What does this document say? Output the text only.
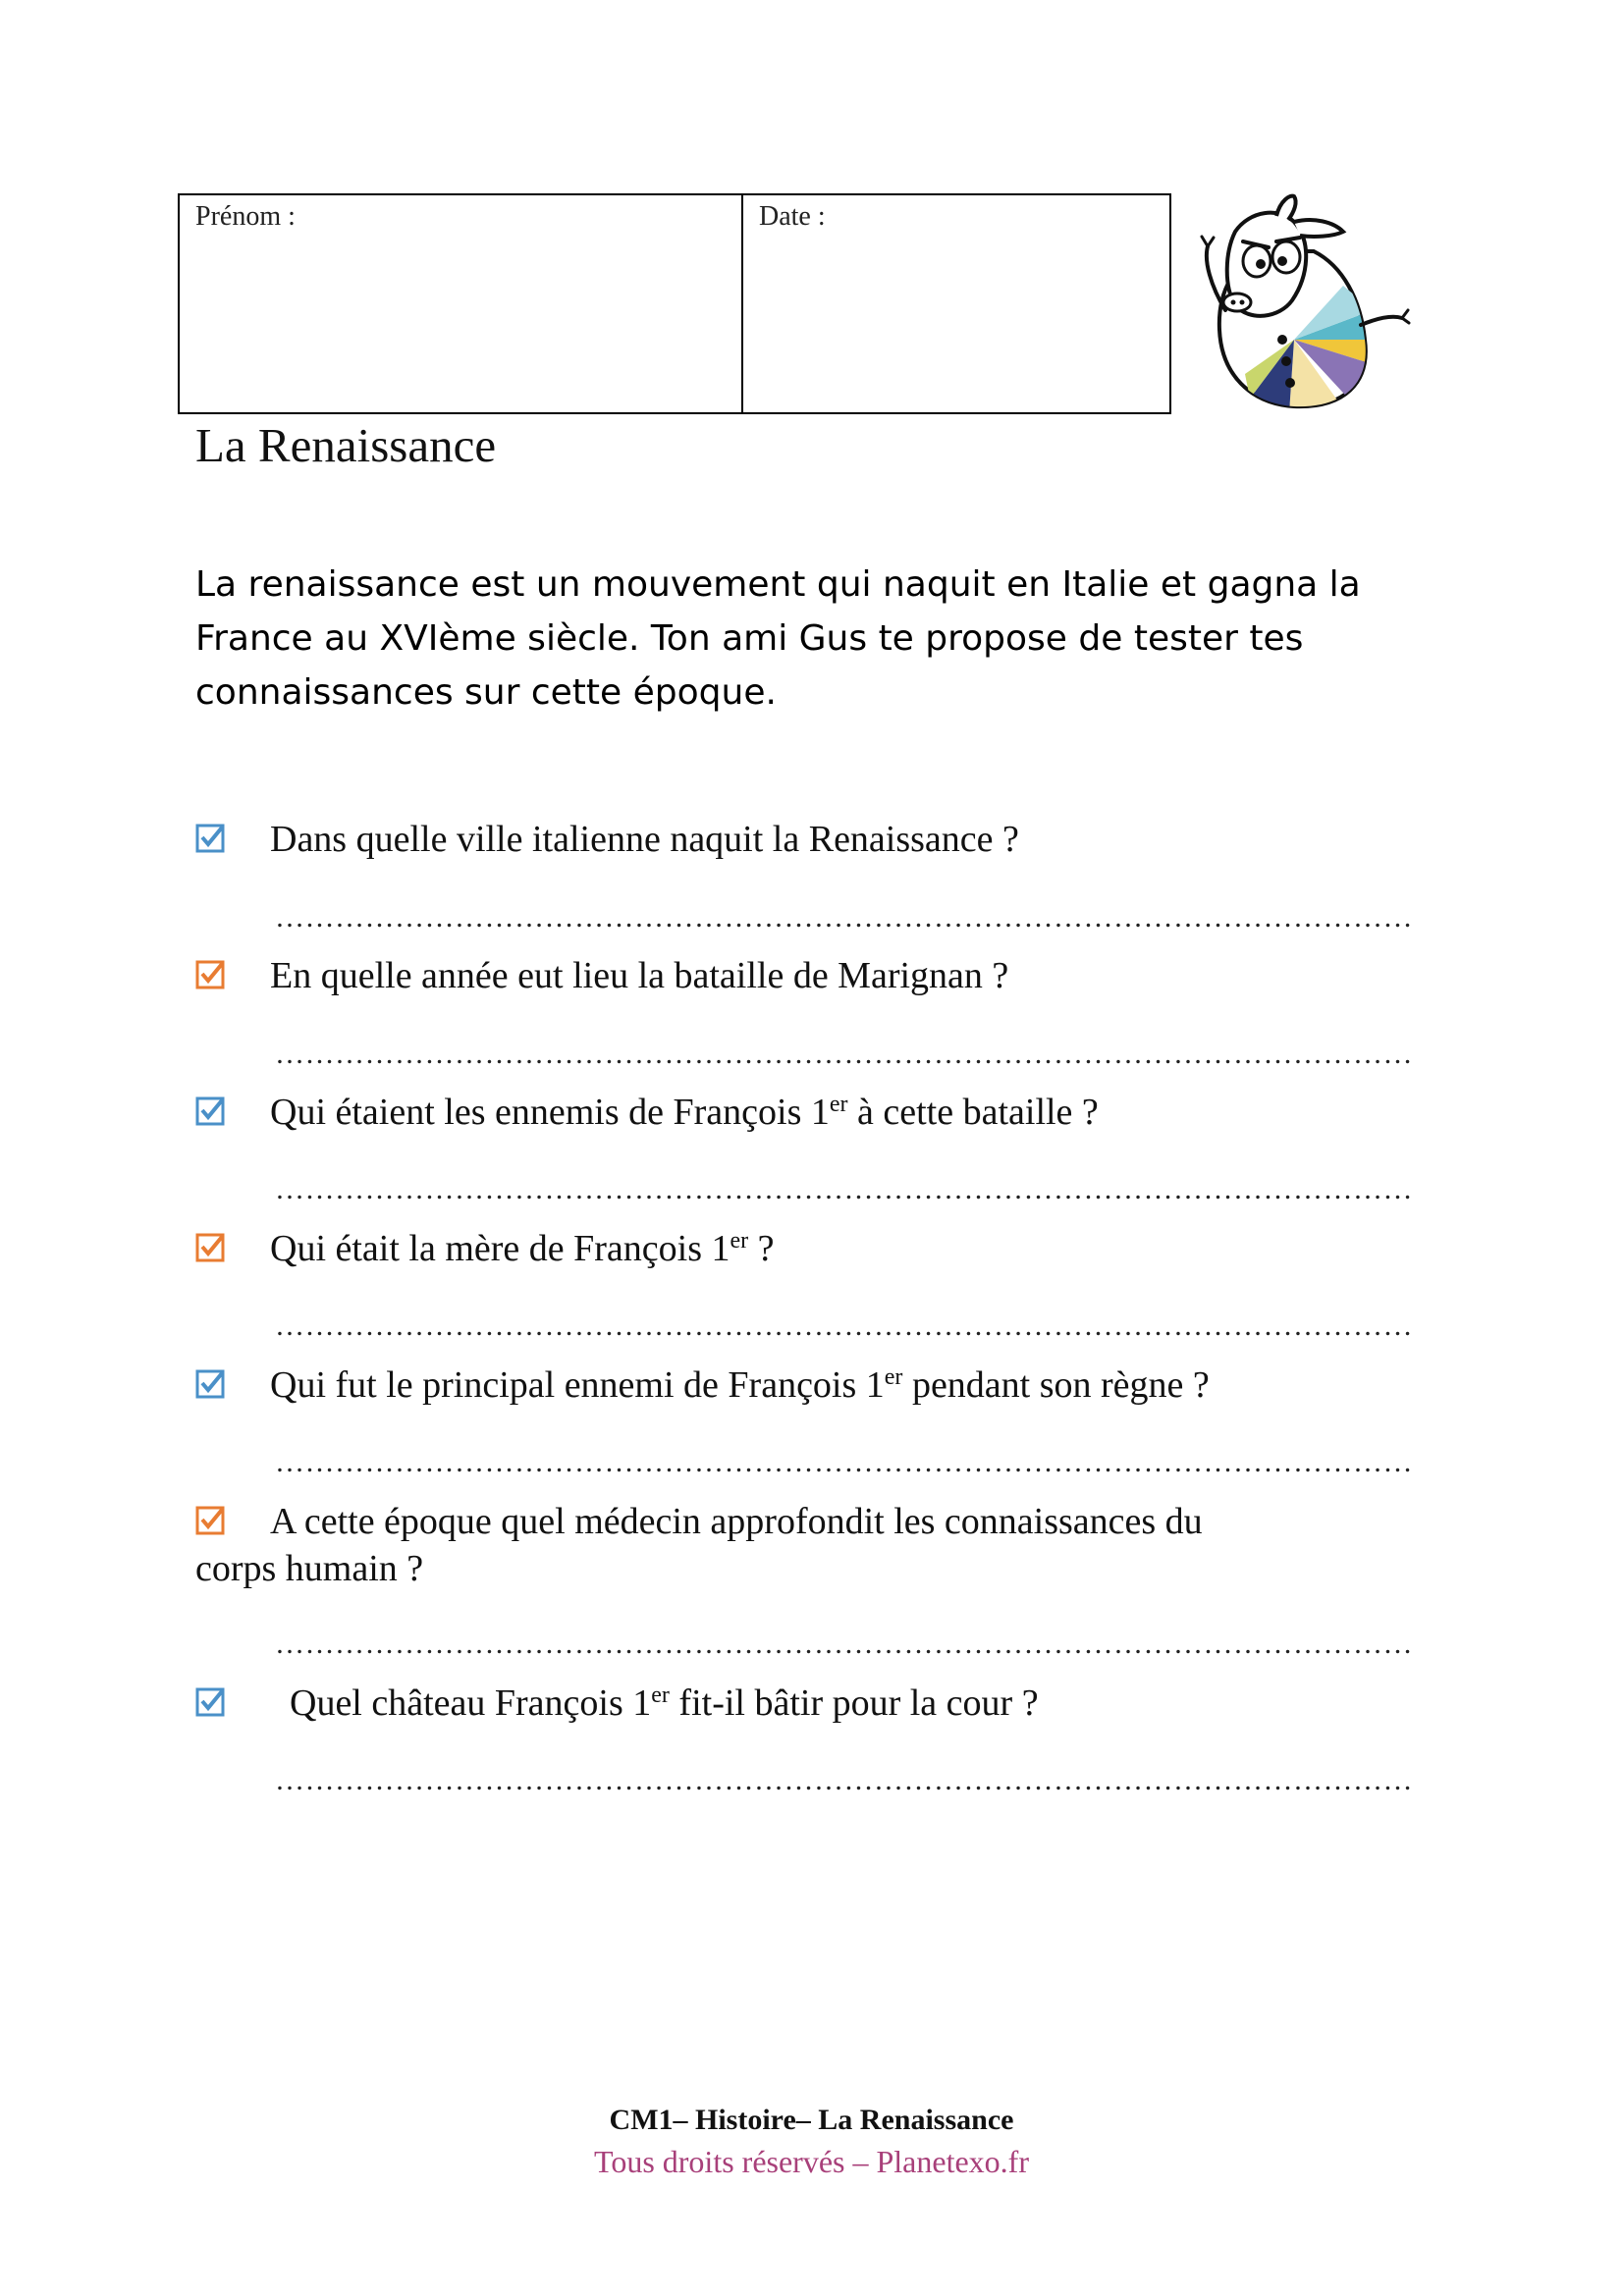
Prénom :	Date :
La Renaissance
La renaissance est un mouvement qui naquit en Italie et gagna la
France au XVIème siècle. Ton ami Gus te propose de tester tes
connaissances sur cette époque.
Dans quelle ville italienne naquit la Renaissance ?
……………………………………………………………………………………………………
En quelle année eut lieu la bataille de Marignan ?
……………………………………………………………………………………………………
Qui étaient les ennemis de François 1er à cette bataille ?
……………………………………………………………………………………………………
Qui était la mère de François 1er ?
……………………………………………………………………………………………………
Qui fut le principal ennemi de François 1er pendant son règne ?
……………………………………………………………………………………………………
A cette époque quel médecin approfondit les connaissances du
corps humain ?
……………………………………………………………………………………………………
Quel château François 1er fit-il bâtir pour la cour ?
……………………………………………………………………………………………………
CM1– Histoire– La Renaissance
Tous droits réservés – Planetexo.fr
